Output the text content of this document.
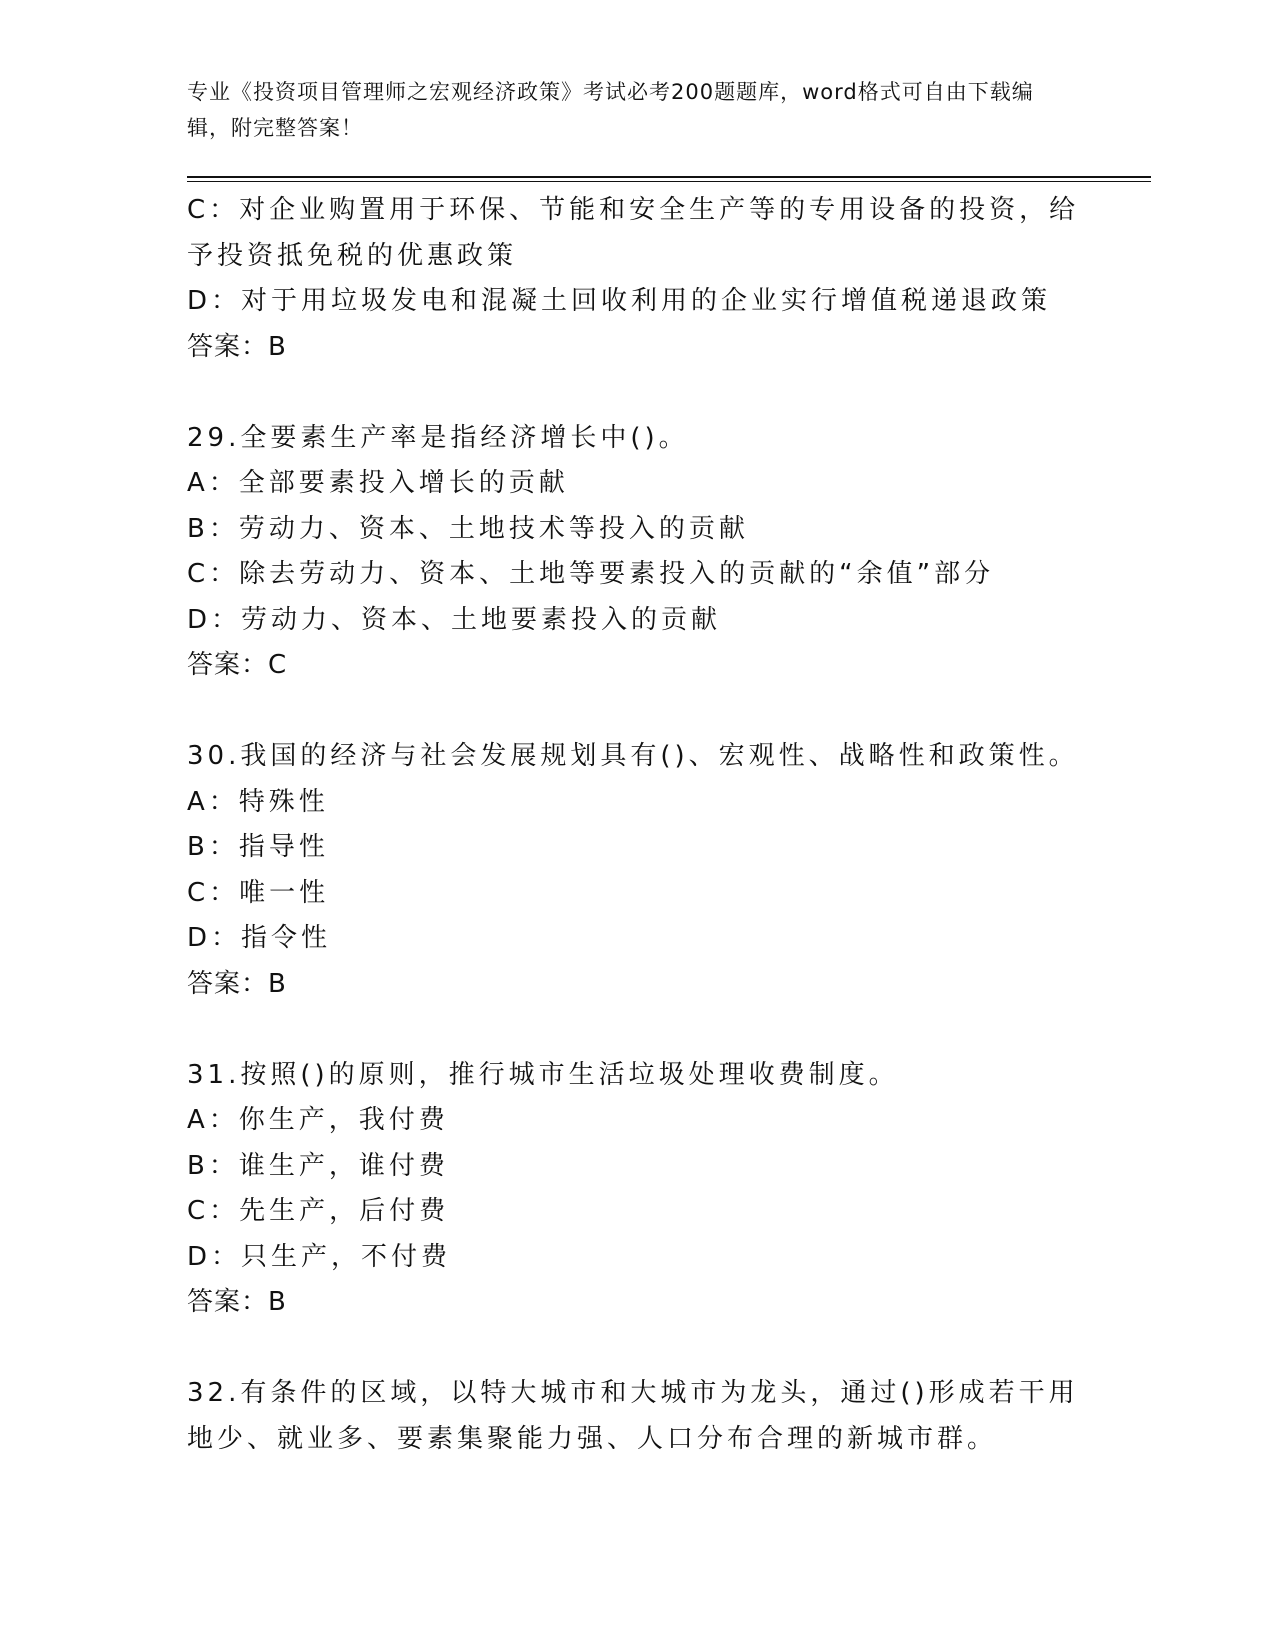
专业《投资项目管理师之宏观经济政策》考试必考200题题库，word格式可自由下载编辑，附完整答案！
C：对企业购置用于环保、节能和安全生产等的专用设备的投资，给予投资抵免税的优惠政策
D：对于用垃圾发电和混凝土回收利用的企业实行增值税递退政策
答案：B
29.全要素生产率是指经济增长中()。
A：全部要素投入增长的贡献
B：劳动力、资本、土地技术等投入的贡献
C：除去劳动力、资本、土地等要素投入的贡献的“余值”部分
D：劳动力、资本、土地要素投入的贡献
答案：C
30.我国的经济与社会发展规划具有()、宏观性、战略性和政策性。
A：特殊性
B：指导性
C：唯一性
D：指令性
答案：B
31.按照()的原则，推行城市生活垃圾处理收费制度。
A：你生产，我付费
B：谁生产，谁付费
C：先生产，后付费
D：只生产，不付费
答案：B
32.有条件的区域，以特大城市和大城市为龙头，通过()形成若干用地少、就业多、要素集聚能力强、人口分布合理的新城市群。
